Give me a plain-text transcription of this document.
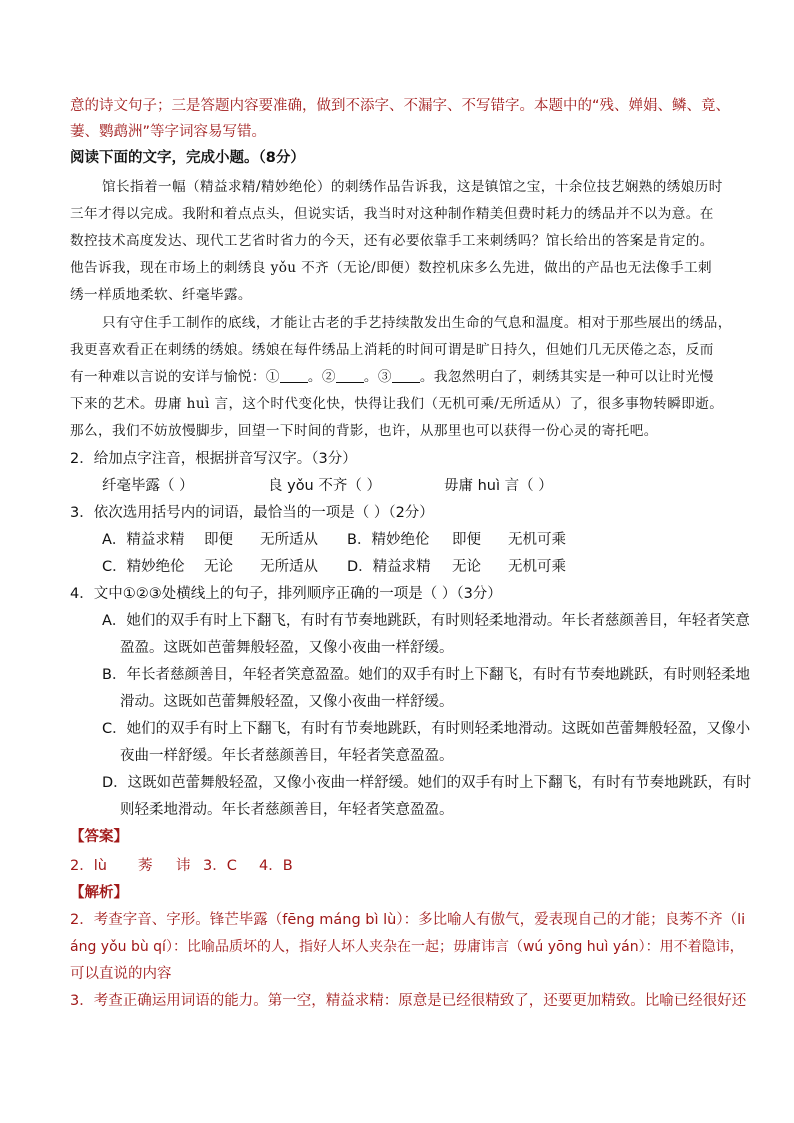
意的诗文句子；三是答题内容要准确，做到不添字、不漏字、不写错字。本题中的“残、婵娟、鳞、竟、
萋、鹦鹉洲”等字词容易写错。
阅读下面的文字，完成小题。（8分）
馆长指着一幅（精益求精/精妙绝伦）的刺绣作品告诉我，这是镇馆之宝，十余位技艺娴熟的绣娘历时
三年才得以完成。我附和着点点头，但说实话，我当时对这种制作精美但费时耗力的绣品并不以为意。在
数控技术高度发达、现代工艺省时省力的今天，还有必要依靠手工来刺绣吗？馆长给出的答案是肯定的。
他告诉我，现在市场上的刺绣良 yǒu 不齐（无论/即便）数控机床多么先进，做出的产品也无法像手工刺
绣一样质地柔软、纤毫毕露。
只有守住手工制作的底线，才能让古老的手艺持续散发出生命的气息和温度。相对于那些展出的绣品，
我更喜欢看正在刺绣的绣娘。绣娘在每件绣品上消耗的时间可谓是旷日持久，但她们几无厌倦之态，反而
有一种难以言说的安详与愉悦：① 。② 。③ 。我忽然明白了，刺绣其实是一种可以让时光慢
下来的艺术。毋庸 huì 言，这个时代变化快，快得让我们（无机可乘/无所适从）了，很多事物转瞬即逝。
那么，我们不妨放慢脚步，回望一下时间的背影，也许，从那里也可以获得一份心灵的寄托吧。
2．给加点字注音，根据拼音写汉字。（3分）
纤毫毕露（ ）	良 yǒu 不齐（ ）	毋庸 huì 言（ ）
3．依次选用括号内的词语，最恰当的一项是（ ）（2分）
A．精益求精 即便 无所适从 B．精妙绝伦 即便 无机可乘
C．精妙绝伦 无论 无所适从 D．精益求精 无论 无机可乘
4．文中①②③处横线上的句子，排列顺序正确的一项是（ ）（3分）
A．她们的双手有时上下翻飞，有时有节奏地跳跃，有时则轻柔地滑动。年长者慈颜善目，年轻者笑意
盈盈。这既如芭蕾舞般轻盈，又像小夜曲一样舒缓。
B．年长者慈颜善目，年轻者笑意盈盈。她们的双手有时上下翻飞，有时有节奏地跳跃，有时则轻柔地
滑动。这既如芭蕾舞般轻盈，又像小夜曲一样舒缓。
C．她们的双手有时上下翻飞，有时有节奏地跳跃，有时则轻柔地滑动。这既如芭蕾舞般轻盈，又像小
夜曲一样舒缓。年长者慈颜善目，年轻者笑意盈盈。
D．这既如芭蕾舞般轻盈，又像小夜曲一样舒缓。她们的双手有时上下翻飞，有时有节奏地跳跃，有时
则轻柔地滑动。年长者慈颜善目，年轻者笑意盈盈。
【答案】
2．lù 莠 讳 3．C 4．B
【解析】
2．考查字音、字形。锋芒毕露（fēng máng bì lù）：多比喻人有傲气，爱表现自己的才能；良莠不齐（li
áng yǒu bù qí）：比喻品质坏的人，指好人坏人夹杂在一起；毋庸讳言（wú yōng huì yán）：用不着隐讳，
可以直说的内容
3．考查正确运用词语的能力。第一空，精益求精：原意是已经很精致了，还要更加精致。比喻已经很好还
